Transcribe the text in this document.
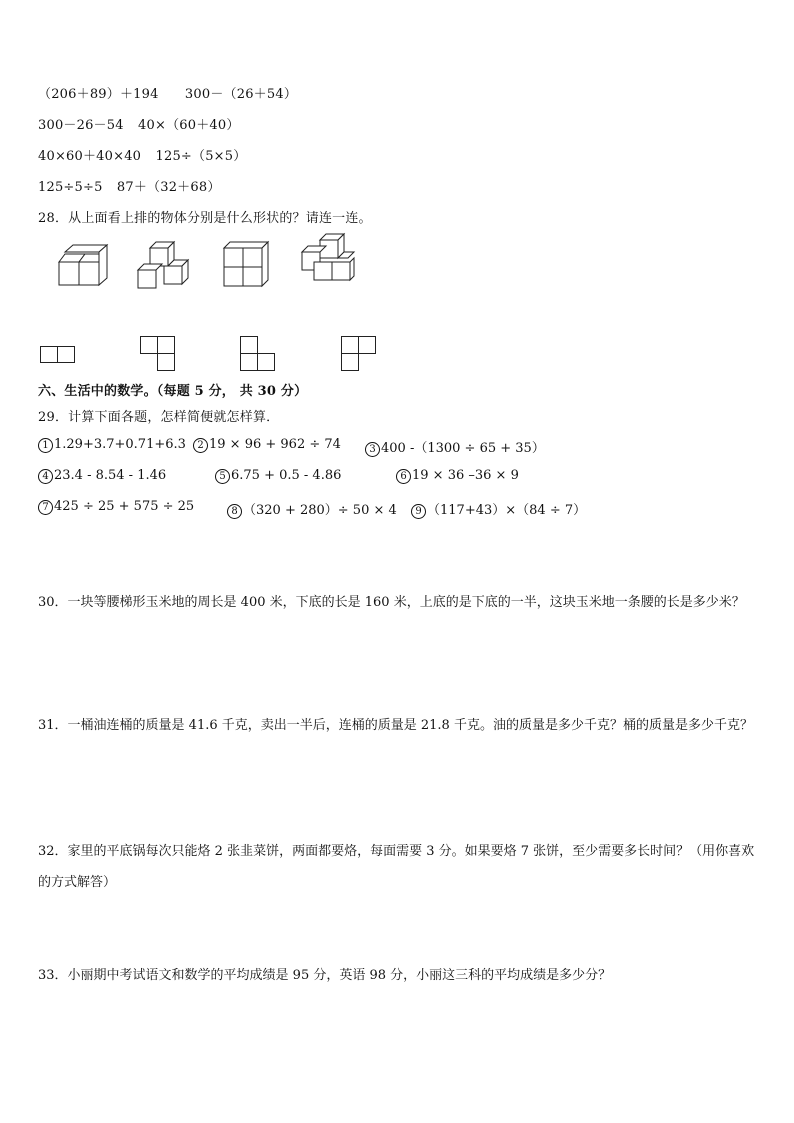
（206＋89）＋194 300－（26＋54）
300－26－54 40×（60＋40）
40×60＋40×40 125÷（5×5）
125÷5÷5 87＋（32＋68）
28．从上面看上排的物体分别是什么形状的？请连一连。
六、生活中的数学。（每题 5 分， 共 30 分）
29．计算下面各题，怎样简便就怎样算．
1 1.29+3.7+0.71+6.3	2 19 × 96 + 962 ÷ 74	3 400 -（1300 ÷ 65 + 35）
4 23.4 - 8.54 - 1.46	5 6.75 + 0.5 - 4.86	6 19 × 36 –36 × 9
7 425 ÷ 25 + 575 ÷ 25	8 （320 + 280）÷ 50 × 4	9 （117+43）×（84 ÷ 7）
30．一块等腰梯形玉米地的周长是 400 米，下底的长是 160 米，上底的是下底的一半，这块玉米地一条腰的长是多少米？
31．一桶油连桶的质量是 41.6 千克，卖出一半后，连桶的质量是 21.8 千克。油的质量是多少千克？桶的质量是多少千克？
32．家里的平底锅每次只能烙 2 张韭菜饼，两面都要烙，每面需要 3 分。如果要烙 7 张饼，至少需要多长时间？（用你喜欢的方式解答）
33．小丽期中考试语文和数学的平均成绩是 95 分，英语 98 分，小丽这三科的平均成绩是多少分？
